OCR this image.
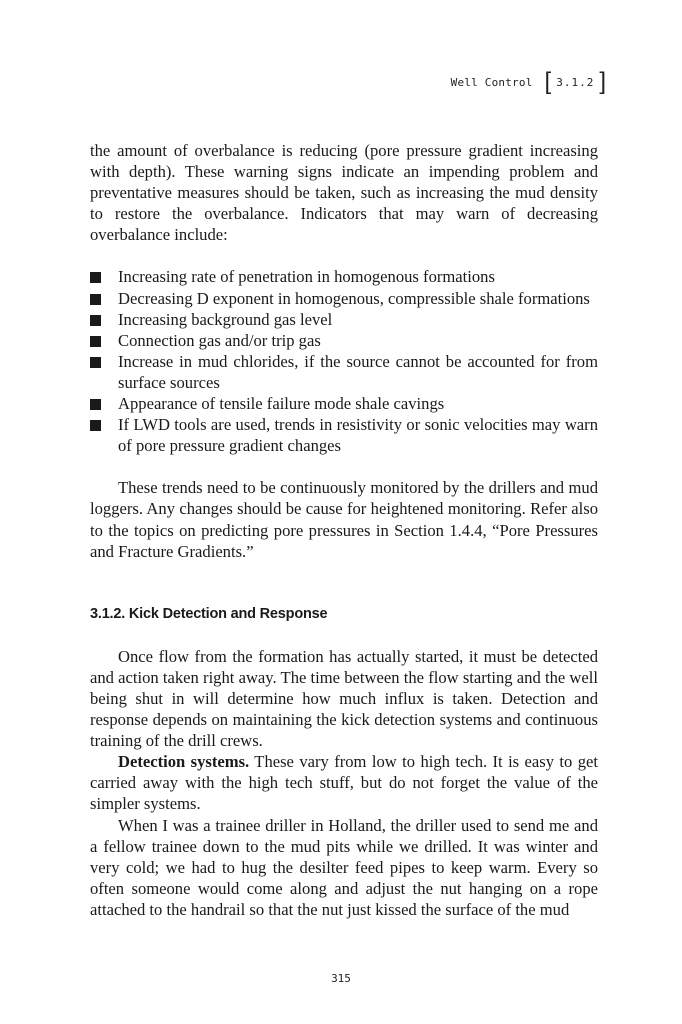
Well Control [ 3.1.2 ]

the amount of overbalance is reducing (pore pressure gradient increasing with depth). These warning signs indicate an impending problem and preventative measures should be taken, such as increasing the mud density to restore the overbalance. Indicators that may warn of decreasing overbalance include:

Increasing rate of penetration in homogenous formations
Decreasing D exponent in homogenous, compressible shale formations
Increasing background gas level
Connection gas and/or trip gas
Increase in mud chlorides, if the source cannot be accounted for from surface sources
Appearance of tensile failure mode shale cavings
If LWD tools are used, trends in resistivity or sonic velocities may warn of pore pressure gradient changes

These trends need to be continuously monitored by the drillers and mud loggers. Any changes should be cause for heightened monitoring. Refer also to the topics on predicting pore pressures in Section 1.4.4, “Pore Pressures and Fracture Gradients.”

3.1.2. Kick Detection and Response

Once flow from the formation has actually started, it must be detected and action taken right away. The time between the flow starting and the well being shut in will determine how much influx is taken. Detection and response depends on maintaining the kick detection systems and continuous training of the drill crews.

Detection systems. These vary from low to high tech. It is easy to get carried away with the high tech stuff, but do not forget the value of the simpler systems.

When I was a trainee driller in Holland, the driller used to send me and a fellow trainee down to the mud pits while we drilled. It was winter and very cold; we had to hug the desilter feed pipes to keep warm. Every so often someone would come along and adjust the nut hanging on a rope attached to the handrail so that the nut just kissed the surface of the mud

315
